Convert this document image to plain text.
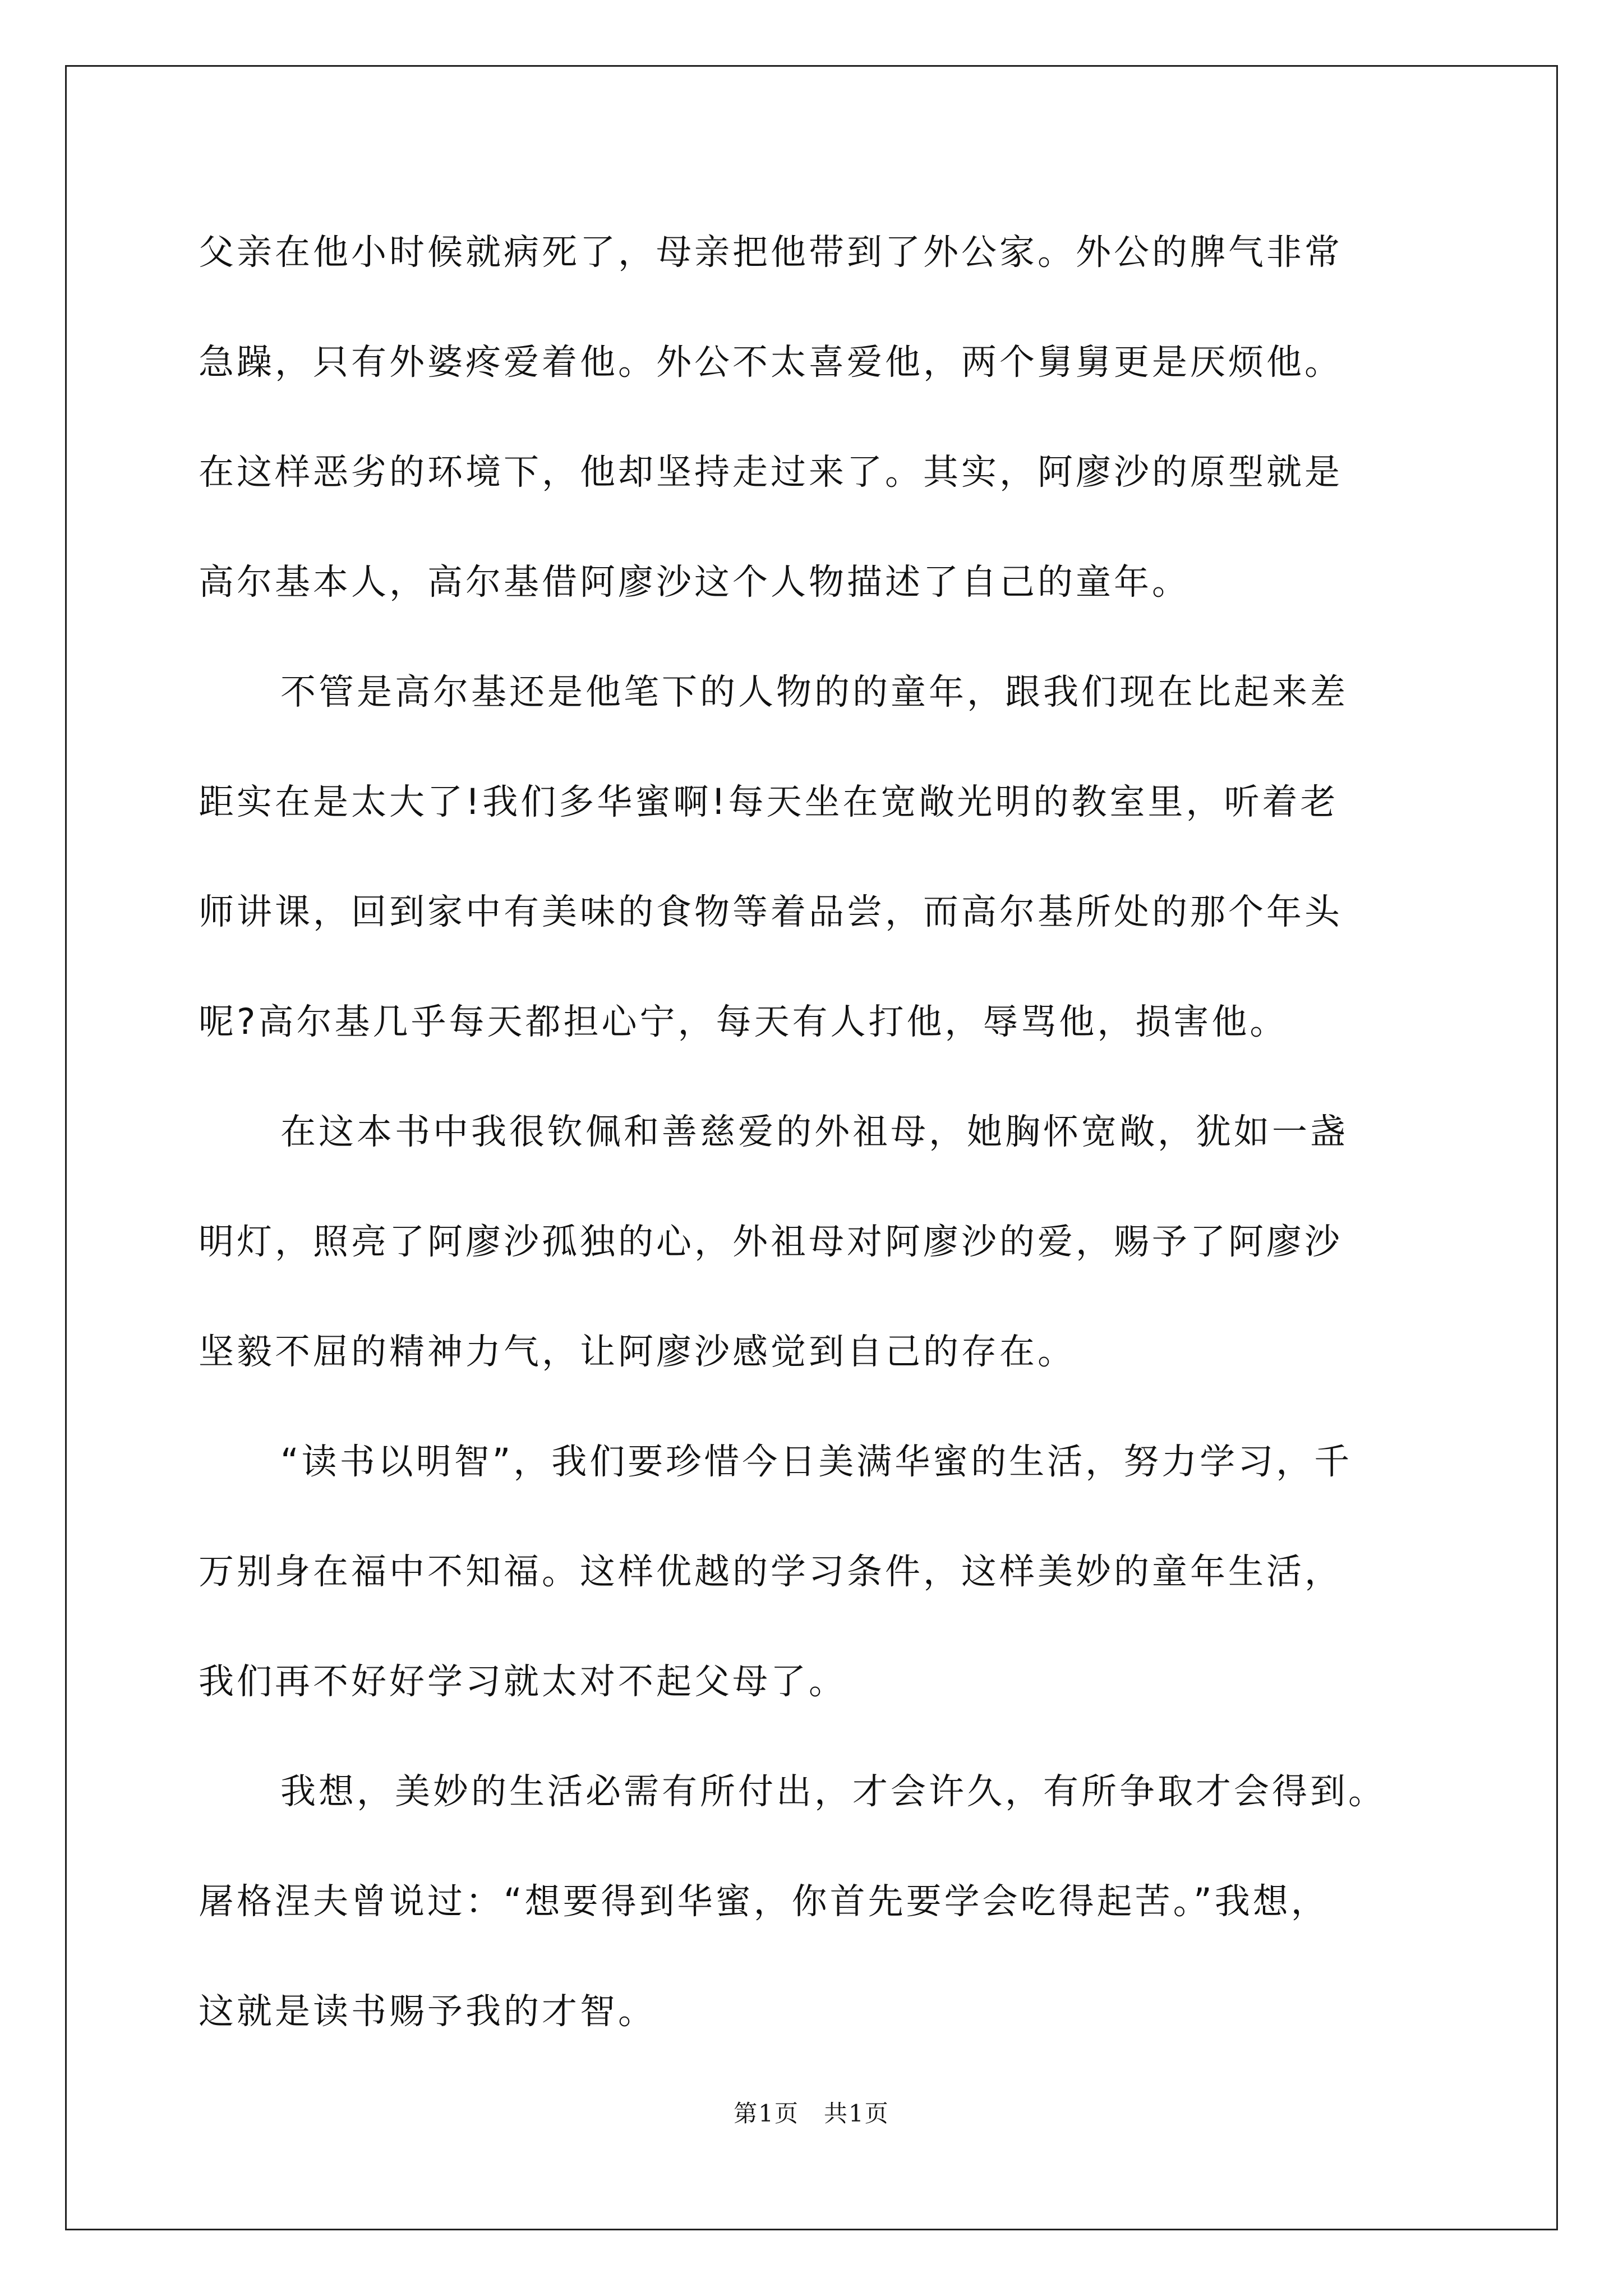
父亲在他小时候就病死了，母亲把他带到了外公家。外公的脾气非常
急躁，只有外婆疼爱着他。外公不太喜爱他，两个舅舅更是厌烦他。
在这样恶劣的环境下，他却坚持走过来了。其实，阿廖沙的原型就是
高尔基本人，高尔基借阿廖沙这个人物描述了自己的童年。
不管是高尔基还是他笔下的人物的的童年，跟我们现在比起来差
距实在是太大了!我们多华蜜啊!每天坐在宽敞光明的教室里，听着老
师讲课，回到家中有美味的食物等着品尝，而高尔基所处的那个年头
呢?高尔基几乎每天都担心宁，每天有人打他，辱骂他，损害他。
在这本书中我很钦佩和善慈爱的外祖母，她胸怀宽敞，犹如一盏
明灯，照亮了阿廖沙孤独的心，外祖母对阿廖沙的爱，赐予了阿廖沙
坚毅不屈的精神力气，让阿廖沙感觉到自己的存在。
“读书以明智”，我们要珍惜今日美满华蜜的生活，努力学习，千
万别身在福中不知福。这样优越的学习条件，这样美妙的童年生活，
我们再不好好学习就太对不起父母了。
我想，美妙的生活必需有所付出，才会许久，有所争取才会得到。
屠格涅夫曾说过：“想要得到华蜜，你首先要学会吃得起苦。”我想，
这就是读书赐予我的才智。
第1页　共1页
